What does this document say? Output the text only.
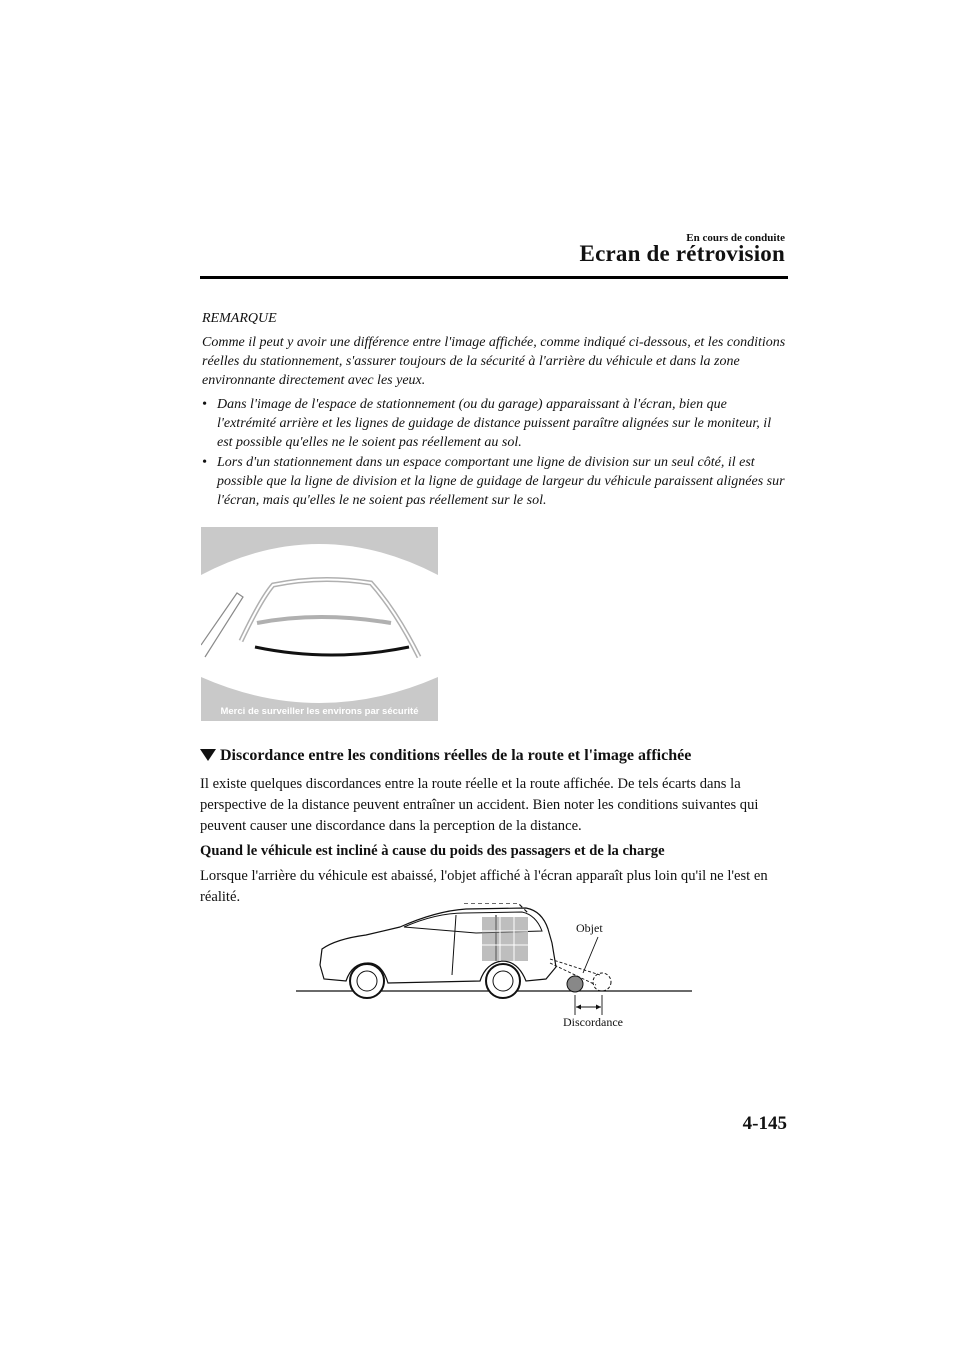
En cours de conduite
Ecran de rétrovision
REMARQUE
Comme il peut y avoir une différence entre l'image affichée, comme indiqué ci-dessous, et les conditions réelles du stationnement, s'assurer toujours de la sécurité à l'arrière du véhicule et dans la zone environnante directement avec les yeux.
• Dans l'image de l'espace de stationnement (ou du garage) apparaissant à l'écran, bien que l'extrémité arrière et les lignes de guidage de distance puissent paraître alignées sur le moniteur, il est possible qu'elles ne le soient pas réellement au sol.
• Lors d'un stationnement dans un espace comportant une ligne de division sur un seul côté, il est possible que la ligne de division et la ligne de guidage de largeur du véhicule paraissent alignées sur l'écran, mais qu'elles le ne soient pas réellement sur le sol.
Merci de surveiller les environs par sécurité
Discordance entre les conditions réelles de la route et l'image affichée
Il existe quelques discordances entre la route réelle et la route affichée. De tels écarts dans la perspective de la distance peuvent entraîner un accident. Bien noter les conditions suivantes qui peuvent causer une discordance dans la perception de la distance.
Quand le véhicule est incliné à cause du poids des passagers et de la charge
Lorsque l'arrière du véhicule est abaissé, l'objet affiché à l'écran apparaît plus loin qu'il ne l'est en réalité.
Objet
Discordance
4-145
